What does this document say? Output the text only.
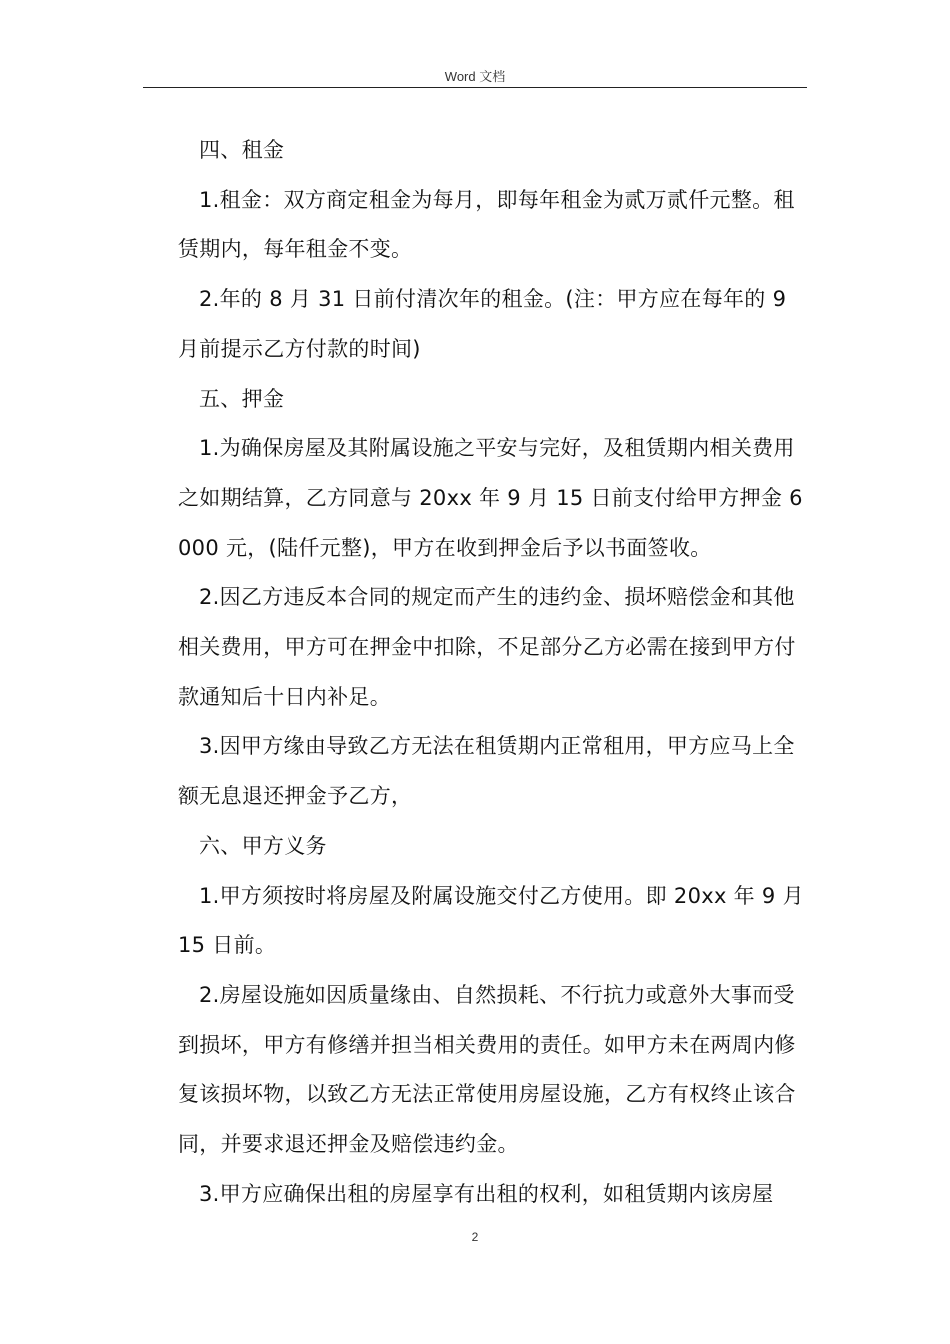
Word 文档

四、租金

1.租金：双方商定租金为每月，即每年租金为贰万贰仟元整。租赁期内，每年租金不变。

2.年的 8 月 31 日前付清次年的租金。(注：甲方应在每年的 9 月前提示乙方付款的时间)

五、押金

1.为确保房屋及其附属设施之平安与完好，及租赁期内相关费用之如期结算，乙方同意与 20xx 年 9 月 15 日前支付给甲方押金 6000 元，(陆仟元整)，甲方在收到押金后予以书面签收。

2.因乙方违反本合同的规定而产生的违约金、损坏赔偿金和其他相关费用，甲方可在押金中扣除，不足部分乙方必需在接到甲方付款通知后十日内补足。

3.因甲方缘由导致乙方无法在租赁期内正常租用，甲方应马上全额无息退还押金予乙方，

六、甲方义务

1.甲方须按时将房屋及附属设施交付乙方使用。即 20xx 年 9 月 15 日前。

2.房屋设施如因质量缘由、自然损耗、不行抗力或意外大事而受到损坏，甲方有修缮并担当相关费用的责任。如甲方未在两周内修复该损坏物，以致乙方无法正常使用房屋设施，乙方有权终止该合同，并要求退还押金及赔偿违约金。

3.甲方应确保出租的房屋享有出租的权利，如租赁期内该房屋

2
